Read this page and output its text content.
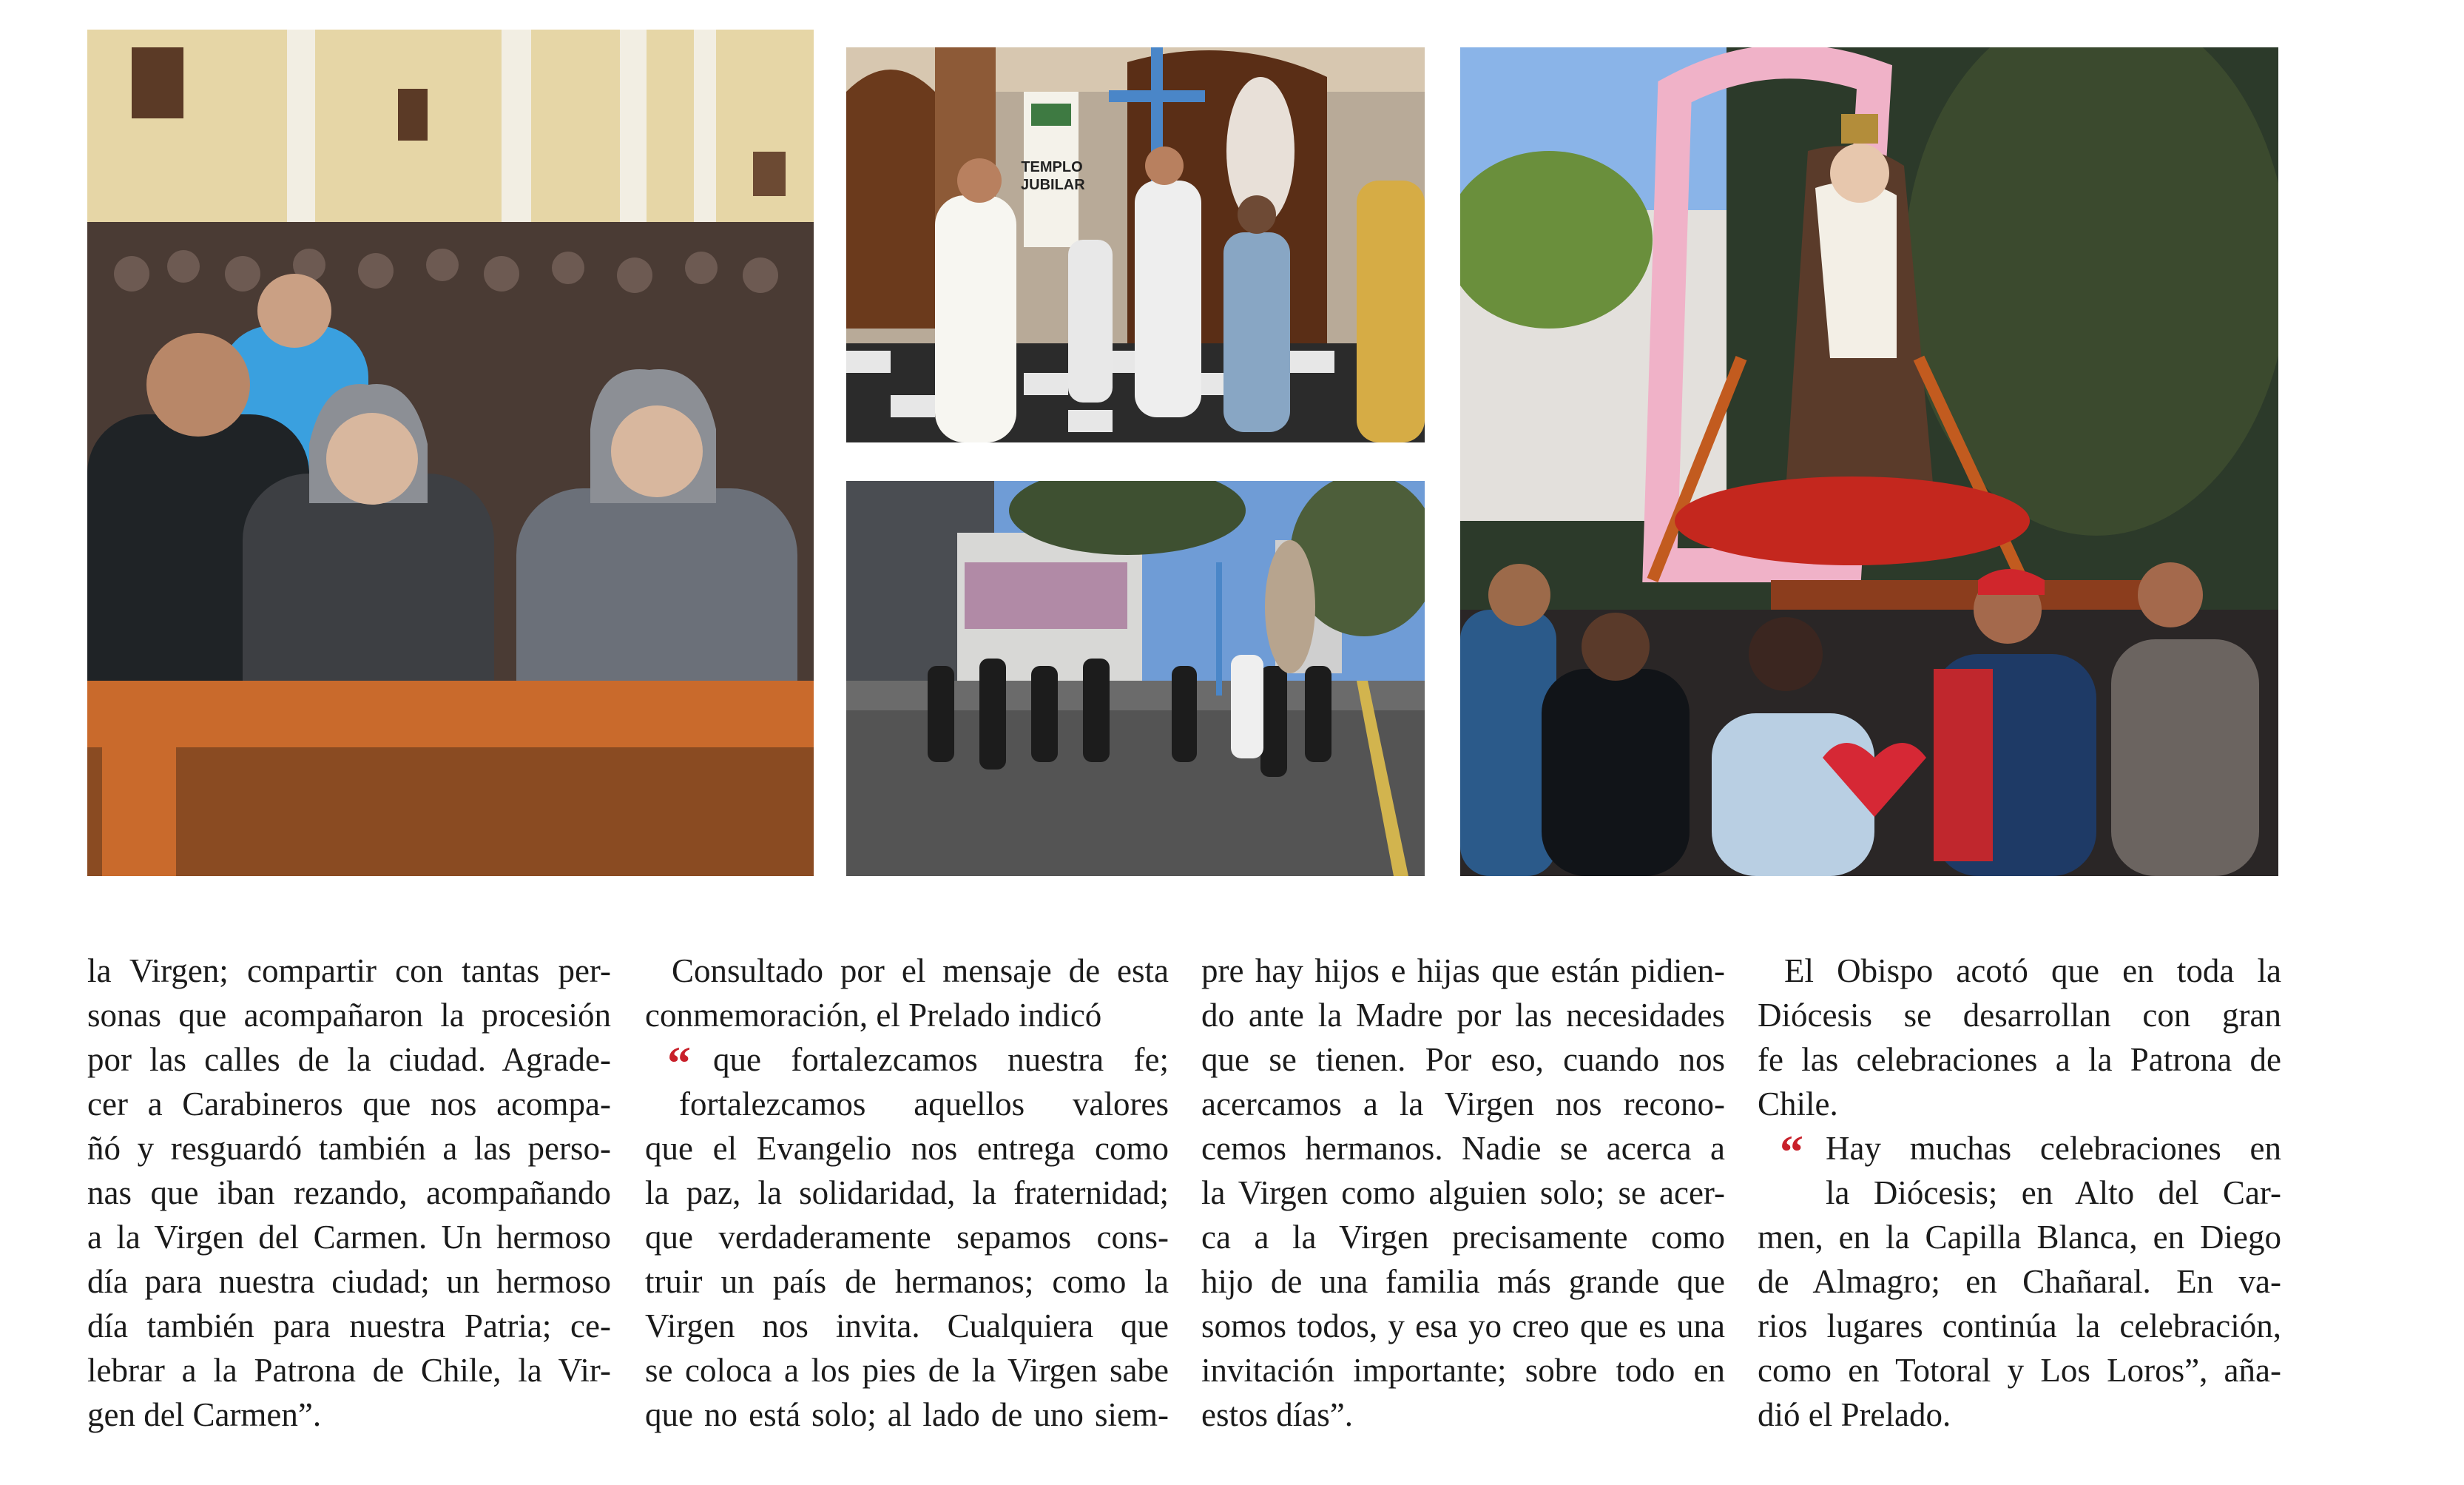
TEMPLO
JUBILAR

la Virgen; compartir con tantas per-

sonas que acompañaron la procesión

por las calles de la ciudad. Agrade-

cer a Carabineros que nos acompa-

ñó y resguardó también a las perso-

nas que iban rezando, acompañando

a la Virgen del Carmen. Un hermoso

día para nuestra ciudad; un hermoso

día también para nuestra Patria; ce-

lebrar a la Patrona de Chile, la Vir-

gen del Carmen”.

Consultado por el mensaje de esta

conmemoración, el Prelado indicó

“ que fortalezcamos nuestra fe;

fortalezcamos aquellos valores

que el Evangelio nos entrega como

la paz, la solidaridad, la fraternidad;

que verdaderamente sepamos cons-

truir un país de hermanos; como la

Virgen nos invita. Cualquiera que

se coloca a los pies de la Virgen sabe

que no está solo; al lado de uno siem-

pre hay hijos e hijas que están pidien-

do ante la Madre por las necesidades

que se tienen. Por eso, cuando nos

acercamos a la Virgen nos recono-

cemos hermanos. Nadie se acerca a

la Virgen como alguien solo; se acer-

ca a la Virgen precisamente como

hijo de una familia más grande que

somos todos, y esa yo creo que es una

invitación importante; sobre todo en

estos días”.

El Obispo acotó que en toda la

Diócesis se desarrollan con gran

fe las celebraciones a la Patrona de

Chile.

“ Hay muchas celebraciones en

la Diócesis; en Alto del Car-

men, en la Capilla Blanca, en Diego

de Almagro; en Chañaral. En va-

rios lugares continúa la celebración,

como en Totoral y Los Loros”, aña-

dió el Prelado.
